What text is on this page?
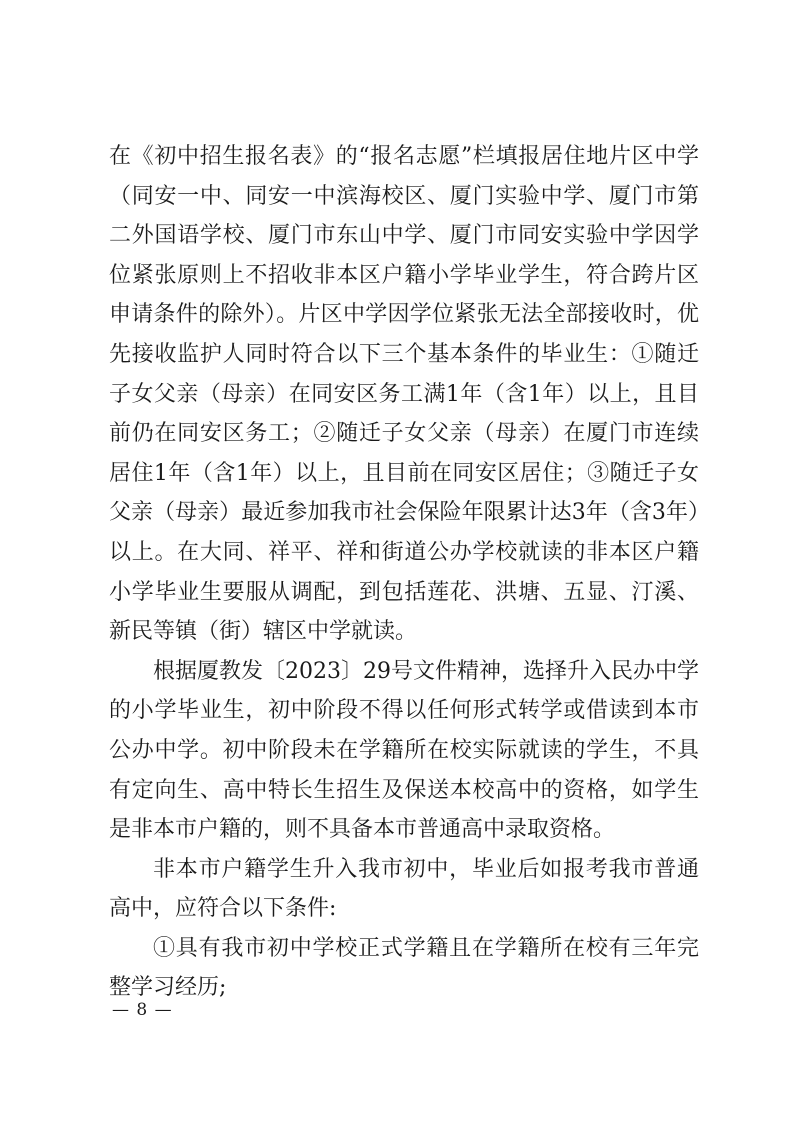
在《初中招生报名表》的“报名志愿”栏填报居住地片区中学（同安一中、同安一中滨海校区、厦门实验中学、厦门市第二外国语学校、厦门市东山中学、厦门市同安实验中学因学位紧张原则上不招收非本区户籍小学毕业学生，符合跨片区申请条件的除外）。片区中学因学位紧张无法全部接收时，优先接收监护人同时符合以下三个基本条件的毕业生：①随迁子女父亲（母亲）在同安区务工满1年（含1年）以上，且目前仍在同安区务工；②随迁子女父亲（母亲）在厦门市连续居住1年（含1年）以上，且目前在同安区居住；③随迁子女父亲（母亲）最近参加我市社会保险年限累计达3年（含3年）以上。在大同、祥平、祥和街道公办学校就读的非本区户籍小学毕业生要服从调配，到包括莲花、洪塘、五显、汀溪、新民等镇（街）辖区中学就读。

根据厦教发〔2023〕29号文件精神，选择升入民办中学的小学毕业生，初中阶段不得以任何形式转学或借读到本市公办中学。初中阶段未在学籍所在校实际就读的学生，不具有定向生、高中特长生招生及保送本校高中的资格，如学生是非本市户籍的，则不具备本市普通高中录取资格。

非本市户籍学生升入我市初中，毕业后如报考我市普通高中，应符合以下条件:

①具有我市初中学校正式学籍且在学籍所在校有三年完整学习经历;

— 8 —
